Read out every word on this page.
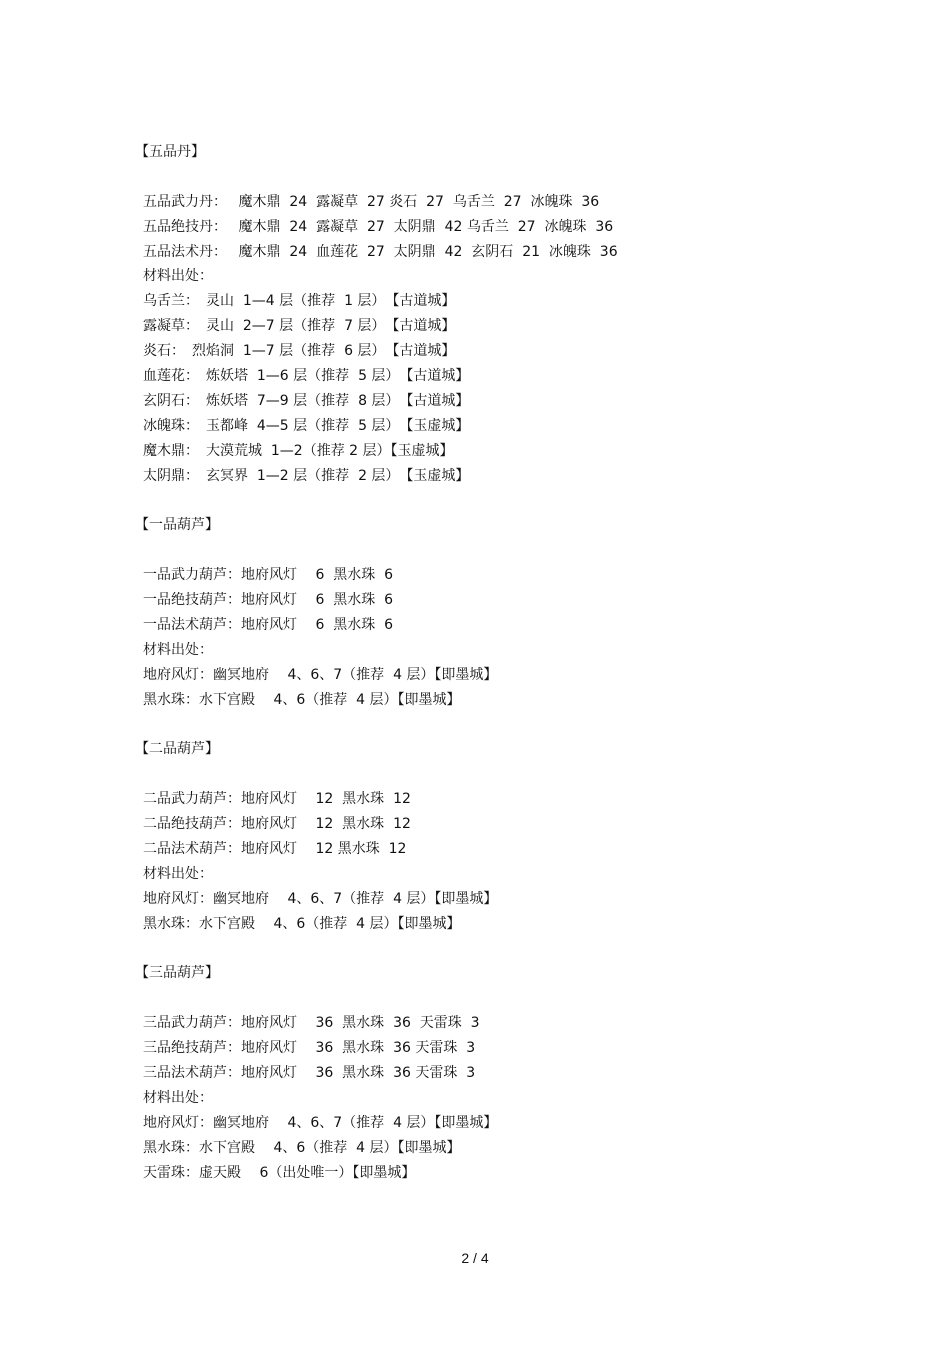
【五品丹】
五品武力丹：　 魔木鼎  24  露凝草  27 炎石  27  乌舌兰  27  冰魄珠  36
五品绝技丹：　 魔木鼎  24  露凝草  27  太阴鼎  42 乌舌兰  27  冰魄珠  36
五品法术丹：　 魔木鼎  24  血莲花  27  太阴鼎  42  玄阴石  21  冰魄珠  36
材料出处：
乌舌兰：　灵山  1—4 层（推荐  1 层）　【古道城】
露凝草：　灵山  2—7 层（推荐  7 层）　【古道城】
炎石：　烈焰洞  1—7 层（推荐  6 层）　【古道城】
血莲花：　炼妖塔  1—6 层（推荐  5 层）　【古道城】
玄阴石：　炼妖塔  7—9 层（推荐  8 层）　【古道城】
冰魄珠：　玉都峰  4—5 层（推荐  5 层）　【玉虚城】
魔木鼎：　大漠荒城  1—2（推荐 2 层）【玉虚城】
太阴鼎：　玄冥界  1—2 层（推荐  2 层）　【玉虚城】
【一品葫芦】
一品武力葫芦：地府风灯　 6  黑水珠  6
一品绝技葫芦：地府风灯　 6  黑水珠  6
一品法术葫芦：地府风灯　 6  黑水珠  6
材料出处：
地府风灯：幽冥地府　 4、6、7（推荐  4 层）【即墨城】
黑水珠：水下宫殿　 4、6（推荐  4 层）【即墨城】
【二品葫芦】
二品武力葫芦：地府风灯　 12  黑水珠  12
二品绝技葫芦：地府风灯　 12  黑水珠  12
二品法术葫芦：地府风灯　 12 黑水珠  12
材料出处：
地府风灯：幽冥地府　 4、6、7（推荐  4 层）【即墨城】
黑水珠：水下宫殿　 4、6（推荐  4 层）【即墨城】
【三品葫芦】
三品武力葫芦：地府风灯　 36  黑水珠  36  天雷珠  3
三品绝技葫芦：地府风灯　 36  黑水珠  36 天雷珠  3
三品法术葫芦：地府风灯　 36  黑水珠  36 天雷珠  3
材料出处：
地府风灯：幽冥地府　 4、6、7（推荐  4 层）【即墨城】
黑水珠：水下宫殿　 4、6（推荐  4 层）【即墨城】
天雷珠：虚天殿　 6（出处唯一）【即墨城】
2 / 4
